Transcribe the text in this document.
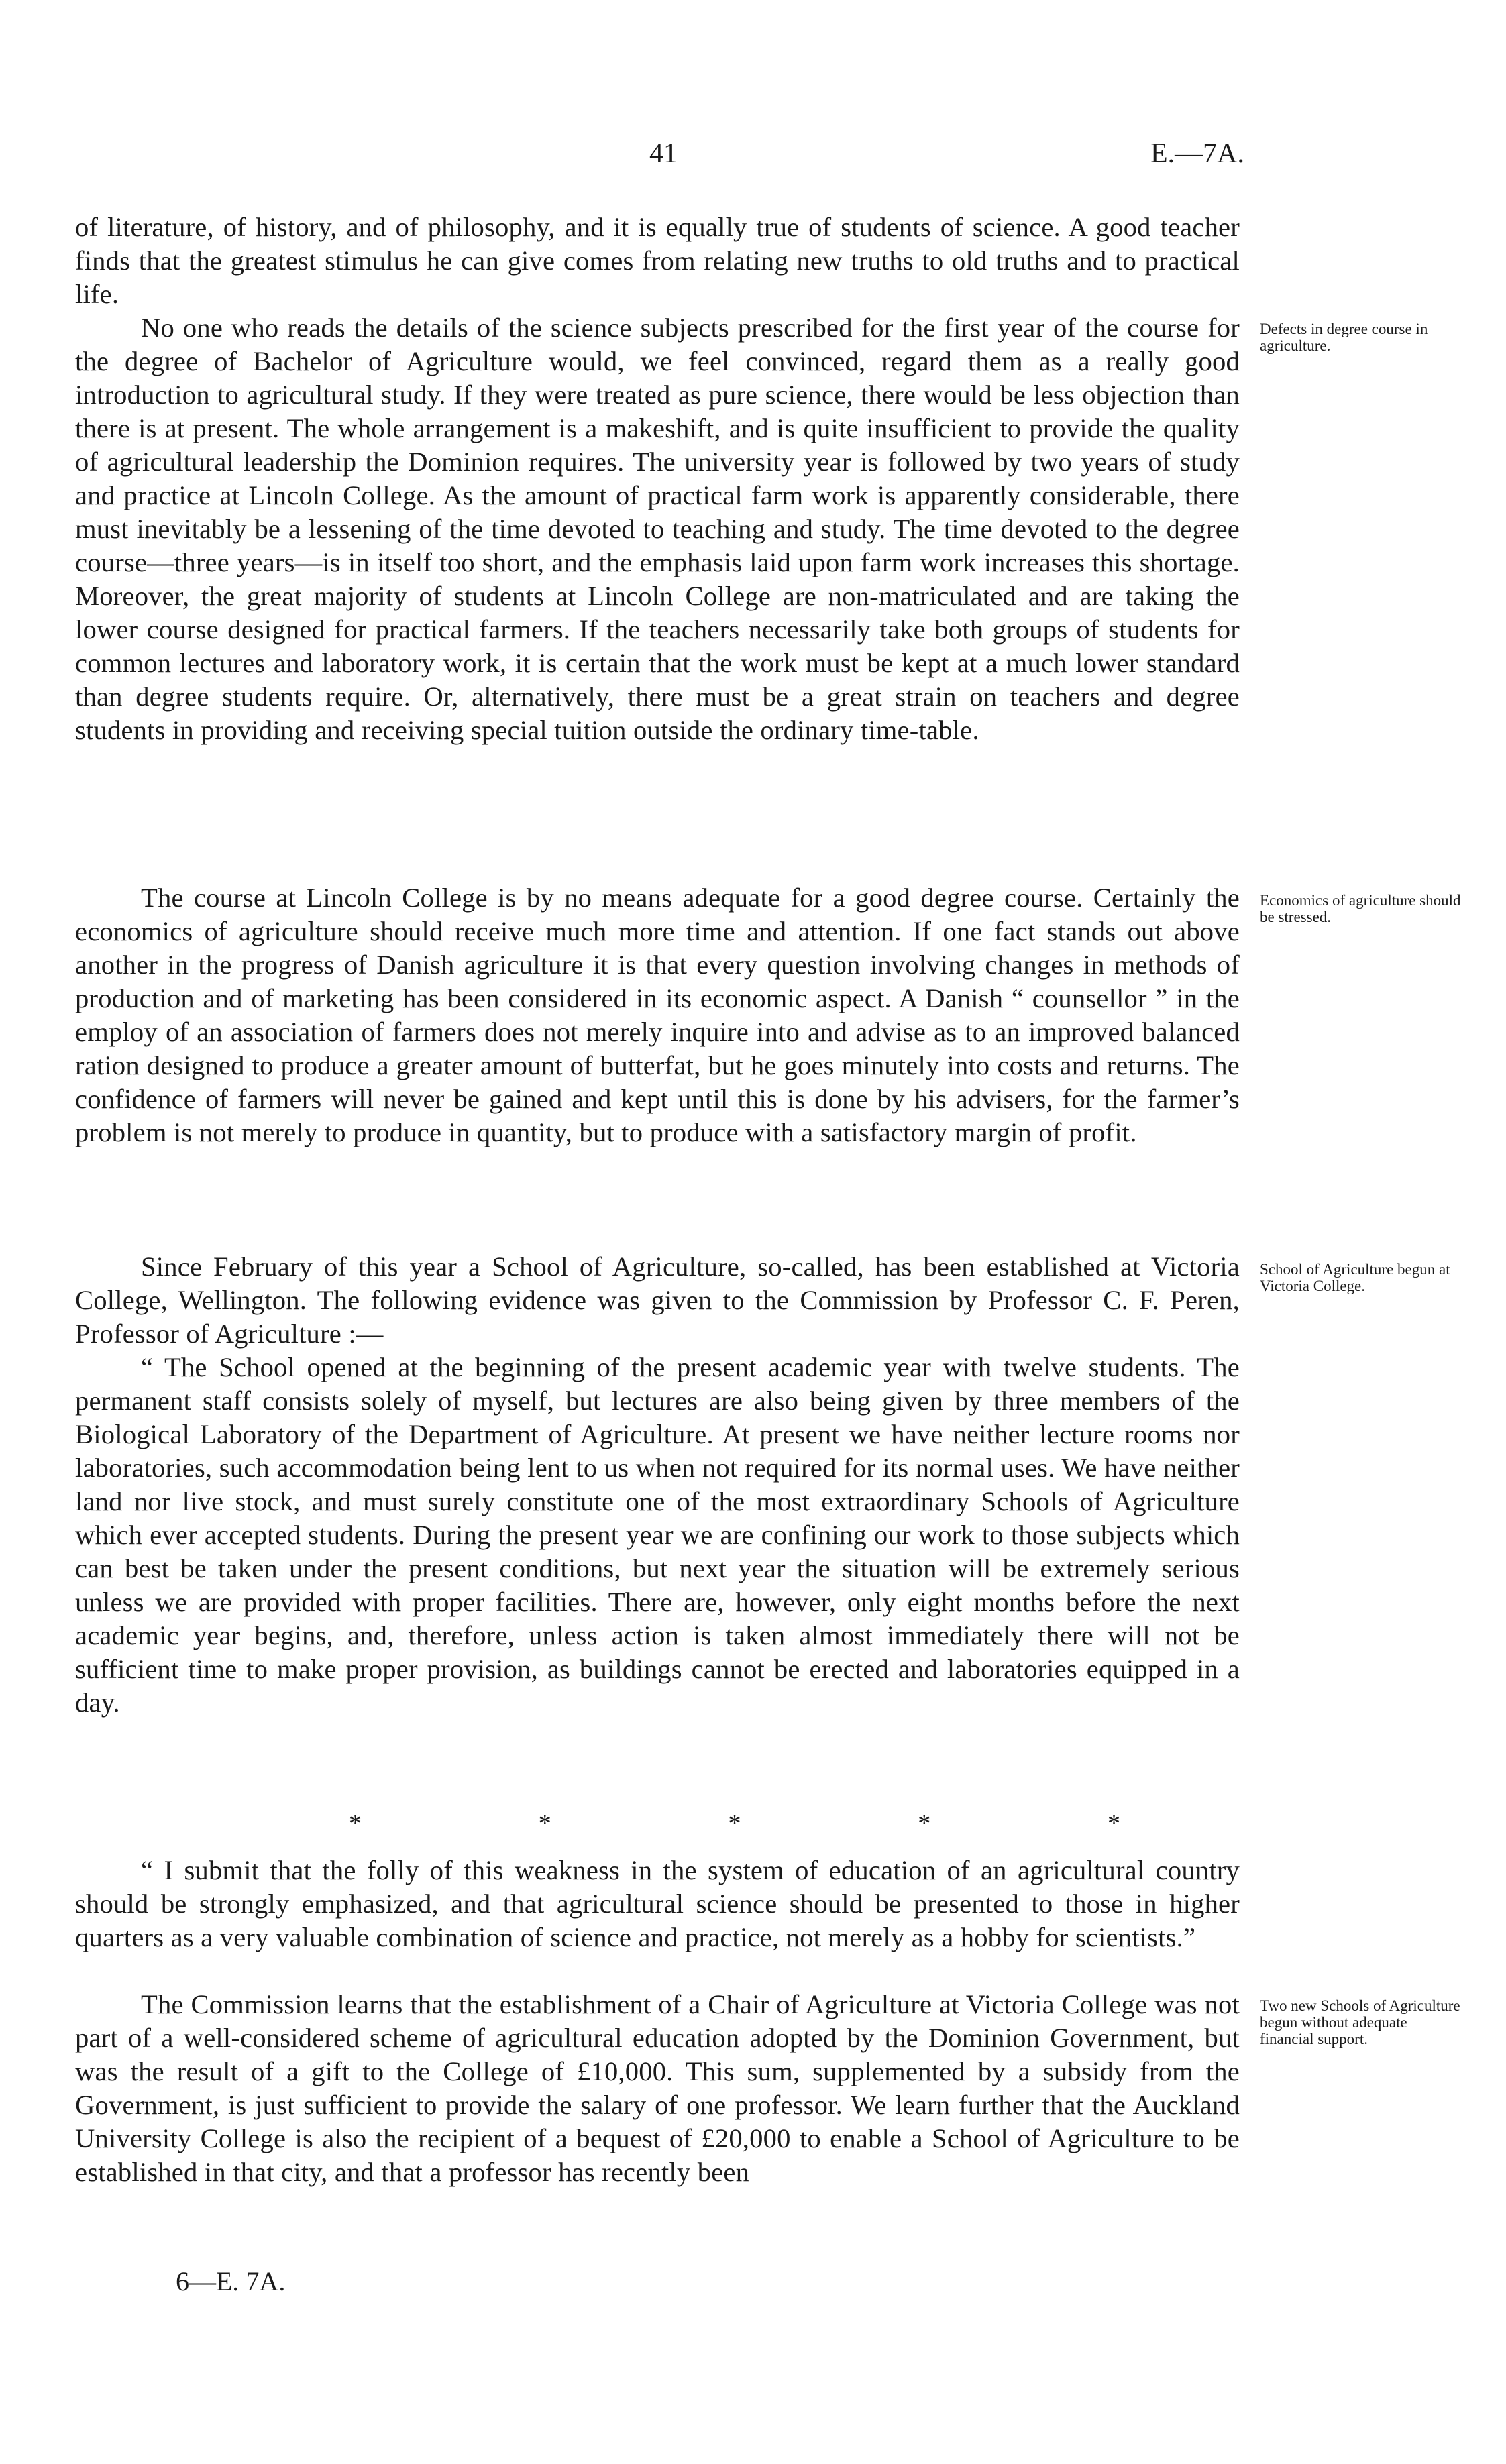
41	E.—7A.

of literature, of history, and of philosophy, and it is equally true of students of science. A good teacher finds that the greatest stimulus he can give comes from relating new truths to old truths and to practical life.

No one who reads the details of the science subjects prescribed for the first year of the course for the degree of Bachelor of Agriculture would, we feel convinced, regard them as a really good introduction to agricultural study. If they were treated as pure science, there would be less objection than there is at present. The whole arrangement is a makeshift, and is quite insufficient to provide the quality of agricultural leadership the Dominion requires. The university year is followed by two years of study and practice at Lincoln College. As the amount of practical farm work is apparently considerable, there must inevitably be a lessening of the time devoted to teaching and study. The time devoted to the degree course—three years—is in itself too short, and the emphasis laid upon farm work increases this shortage. Moreover, the great majority of students at Lincoln College are non-matriculated and are taking the lower course designed for practical farmers. If the teachers necessarily take both groups of students for common lectures and laboratory work, it is certain that the work must be kept at a much lower standard than degree students require. Or, alternatively, there must be a great strain on teachers and degree students in providing and receiving special tuition outside the ordinary time-table.

The course at Lincoln College is by no means adequate for a good degree course. Certainly the economics of agriculture should receive much more time and attention. If one fact stands out above another in the progress of Danish agriculture it is that every question involving changes in methods of production and of marketing has been considered in its economic aspect. A Danish “ counsellor ” in the employ of an association of farmers does not merely inquire into and advise as to an improved balanced ration designed to produce a greater amount of butterfat, but he goes minutely into costs and returns. The confidence of farmers will never be gained and kept until this is done by his advisers, for the farmer’s problem is not merely to produce in quantity, but to produce with a satisfactory margin of profit.

Since February of this year a School of Agriculture, so-called, has been established at Victoria College, Wellington. The following evidence was given to the Commission by Professor C. F. Peren, Professor of Agriculture :—

“ The School opened at the beginning of the present academic year with twelve students. The permanent staff consists solely of myself, but lectures are also being given by three members of the Biological Laboratory of the Department of Agriculture. At present we have neither lecture rooms nor laboratories, such accommodation being lent to us when not required for its normal uses. We have neither land nor live stock, and must surely constitute one of the most extraordinary Schools of Agriculture which ever accepted students. During the present year we are confining our work to those subjects which can best be taken under the present conditions, but next year the situation will be extremely serious unless we are provided with proper facilities. There are, however, only eight months before the next academic year begins, and, therefore, unless action is taken almost immediately there will not be sufficient time to make proper provision, as buildings cannot be erected and laboratories equipped in a day.

*	*	*	*	*

“ I submit that the folly of this weakness in the system of education of an agricultural country should be strongly emphasized, and that agricultural science should be presented to those in higher quarters as a very valuable combination of science and practice, not merely as a hobby for scientists.”

The Commission learns that the establishment of a Chair of Agriculture at Victoria College was not part of a well-considered scheme of agricultural education adopted by the Dominion Government, but was the result of a gift to the College of £10,000. This sum, supplemented by a subsidy from the Government, is just sufficient to provide the salary of one professor. We learn further that the Auckland University College is also the recipient of a bequest of £20,000 to enable a School of Agriculture to be established in that city, and that a professor has recently been

Defects in degree course in agriculture.

Economics of agriculture should be stressed.

School of Agriculture begun at Victoria College.

Two new Schools of Agriculture begun without adequate financial support.

6—E. 7A.
